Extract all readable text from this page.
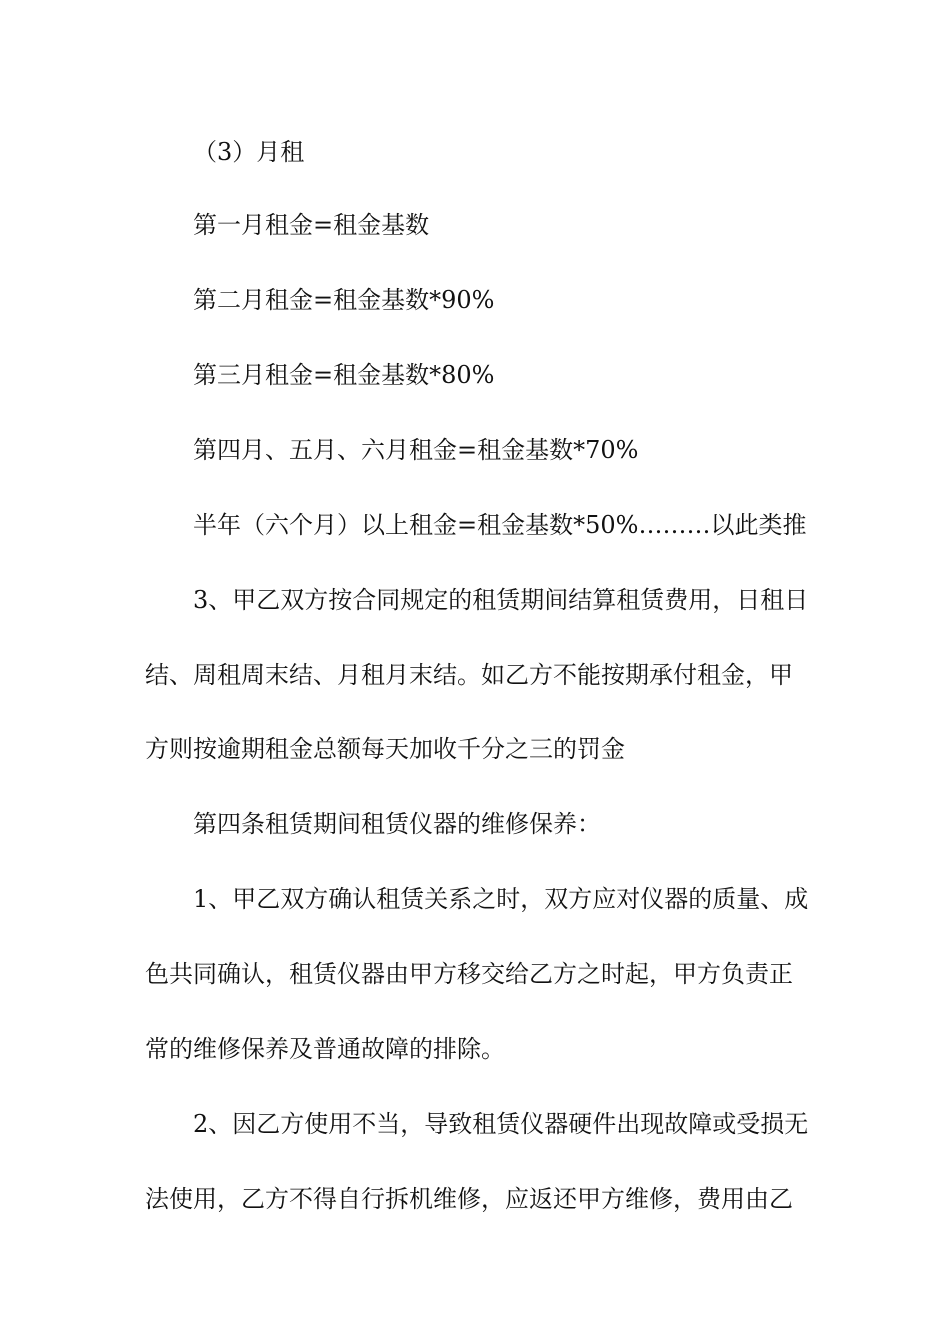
（3）月租
第一月租金=租金基数
第二月租金=租金基数*90%
第三月租金=租金基数*80%
第四月、五月、六月租金=租金基数*70%
半年（六个月）以上租金=租金基数*50%………以此类推
3、甲乙双方按合同规定的租赁期间结算租赁费用，日租日
结、周租周末结、月租月末结。如乙方不能按期承付租金，甲
方则按逾期租金总额每天加收千分之三的罚金
第四条租赁期间租赁仪器的维修保养：
1、甲乙双方确认租赁关系之时，双方应对仪器的质量、成
色共同确认，租赁仪器由甲方移交给乙方之时起，甲方负责正
常的维修保养及普通故障的排除。
2、因乙方使用不当，导致租赁仪器硬件出现故障或受损无
法使用，乙方不得自行拆机维修，应返还甲方维修，费用由乙
